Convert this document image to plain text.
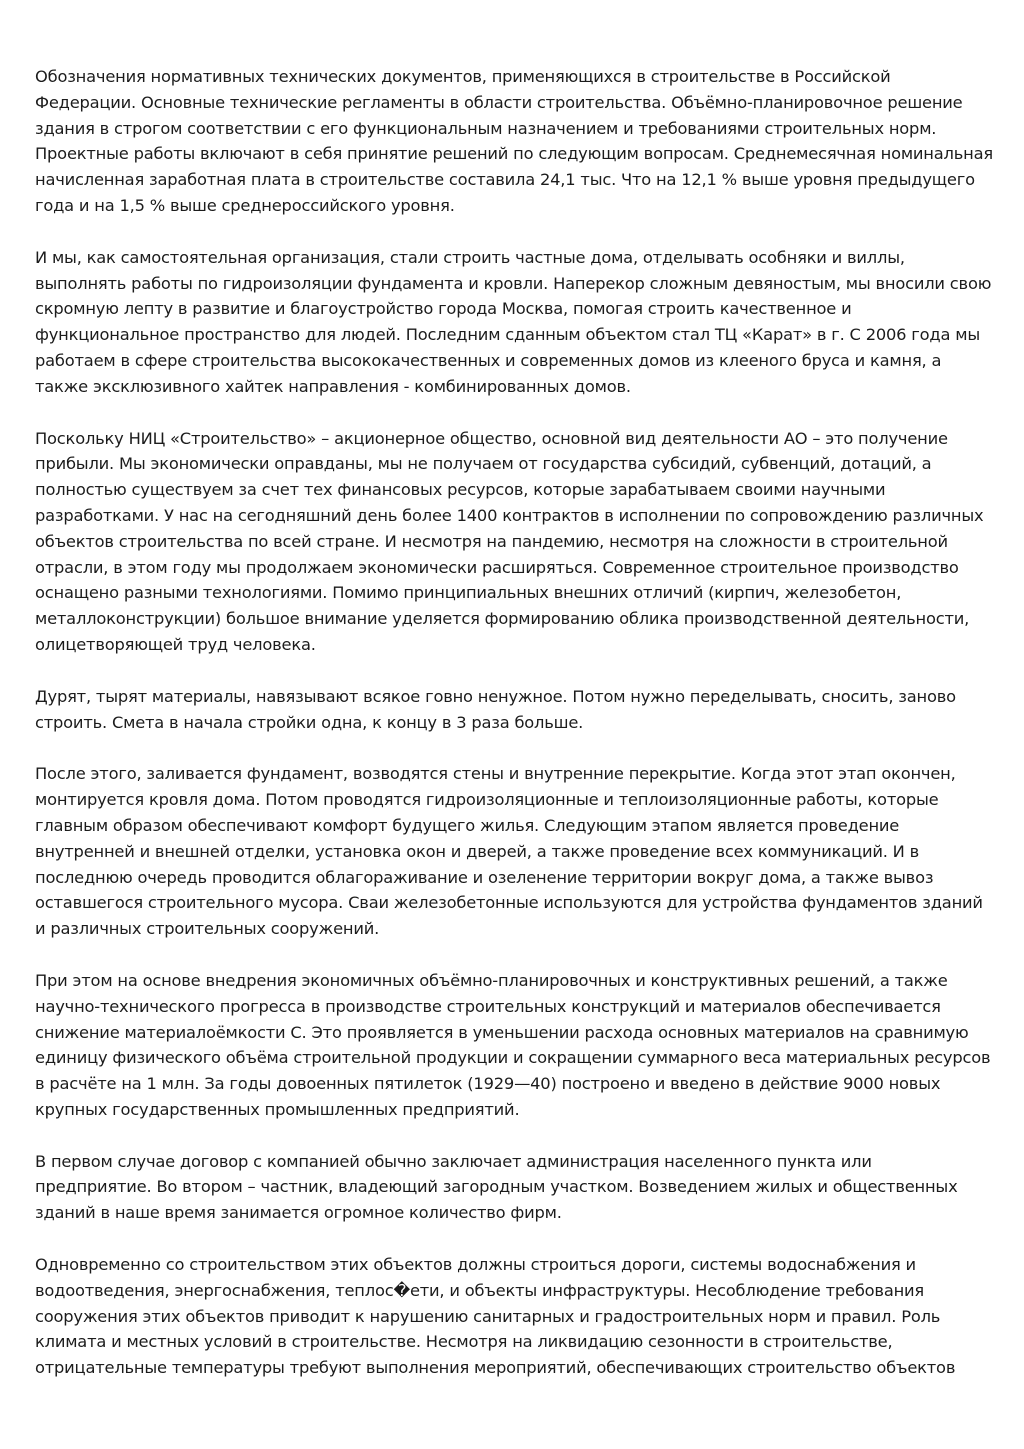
Обозначения нормативных технических документов, применяющихся в строительстве в Российской Федерации. Основные технические регламенты в области строительства. Объёмно-планировочное решение здания в строгом соответствии с его функциональным назначением и требованиями строительных норм. Проектные работы включают в себя принятие решений по следующим вопросам. Среднемесячная номинальная начисленная заработная плата в строительстве составила 24,1 тыс. Что на 12,1 % выше уровня предыдущего года и на 1,5 % выше среднероссийского уровня.

И мы, как самостоятельная организация, стали строить частные дома, отделывать особняки и виллы, выполнять работы по гидроизоляции фундамента и кровли. Наперекор сложным девяностым, мы вносили свою скромную лепту в развитие и благоустройство города Москва, помогая строить качественное и функциональное пространство для людей. Последним сданным объектом стал ТЦ «Карат» в г. С 2006 года мы работаем в сфере строительства высококачественных и современных домов из клееного бруса и камня, а также эксклюзивного хайтек направления - комбинированных домов.

Поскольку НИЦ «Строительство» – акционерное общество, основной вид деятельности АО – это получение прибыли. Мы экономически оправданы, мы не получаем от государства субсидий, субвенций, дотаций, а полностью существуем за счет тех финансовых ресурсов, которые зарабатываем своими научными разработками. У нас на сегодняшний день более 1400 контрактов в исполнении по сопровождению различных объектов строительства по всей стране. И несмотря на пандемию, несмотря на сложности в строительной отрасли, в этом году мы продолжаем экономически расширяться. Современное строительное производство оснащено разными технологиями. Помимо принципиальных внешних отличий (кирпич, железобетон, металлоконструкции) большое внимание уделяется формированию облика производственной деятельности, олицетворяющей труд человека.

Дурят, тырят материалы, навязывают всякое говно ненужное. Потом нужно переделывать, сносить, заново строить. Смета в начала стройки одна, к концу в 3 раза больше.

После этого, заливается фундамент, возводятся стены и внутренние перекрытие. Когда этот этап окончен, монтируется кровля дома. Потом проводятся гидроизоляционные и теплоизоляционные работы, которые главным образом обеспечивают комфорт будущего жилья. Следующим этапом является проведение внутренней и внешней отделки, установка окон и дверей, а также проведение всех коммуникаций. И в последнюю очередь проводится облагораживание и озеленение территории вокруг дома, а также вывоз оставшегося строительного мусора. Сваи железобетонные используются для устройства фундаментов зданий и различных строительных сооружений.

При этом на основе внедрения экономичных объёмно-планировочных и конструктивных решений, а также научно-технического прогресса в производстве строительных конструкций и материалов обеспечивается снижение материалоёмкости С. Это проявляется в уменьшении расхода основных материалов на сравнимую единицу физического объёма строительной продукции и сокращении суммарного веса материальных ресурсов в расчёте на 1 млн. За годы довоенных пятилеток (1929—40) построено и введено в действие 9000 новых крупных государственных промышленных предприятий.

В первом случае договор с компанией обычно заключает администрация населенного пункта или предприятие. Во втором – частник, владеющий загородным участком. Возведением жилых и общественных зданий в наше время занимается огромное количество фирм.

Одновременно со строительством этих объектов должны строиться дороги, системы водоснабжения и водоотведения, энергоснабжения, теплос�ети, и объекты инфраструктуры. Несоблюдение требования сооружения этих объектов приводит к нарушению санитарных и градостроительных норм и правил. Роль климата и местных условий в строительстве. Несмотря на ликвидацию сезонности в строительстве, отрицательные температуры требуют выполнения мероприятий, обеспечивающих строительство объектов
